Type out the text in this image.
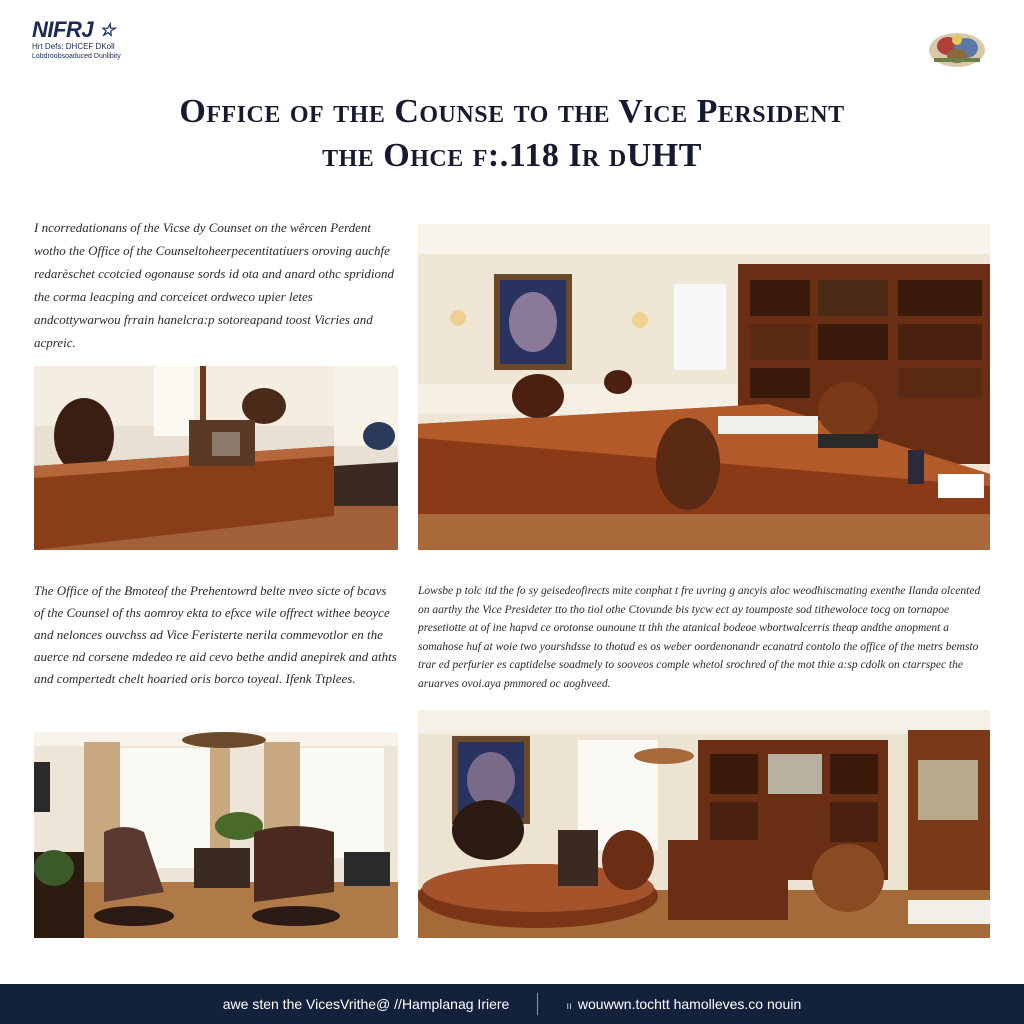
NIFRJ ☆
Hrt Defs: DHCEF DKoll
Lobdroobsoaduced Dunlibity
Office of the Counse to the Vice Persident
the Ohce f:.118 Ir dUHT

I ncorredationans of the Vicse dy Counset on the wêrcen Perdent wotho the Office of the Counseltoheerpecentitatiuers oroving auchfe redarèschet ccotcied ogonause sords id ota and anard othc spridiond the corma leacping and corceicet ordweco upier letes andcottywarwou frrain hanelcra:p sotoreapand toost Vicries and acpreic.

The Office of the Bmoteof the Prehentowrd belte nveo sicte of bcavs of the Counsel of ths aomroy ekta to efxce wile offrect withee beoyce and nelonces ouvchss ad Vice Feristerte nerila commevotlor en the auerce nd corsene mdedeo re aid cevo bethe andid anepirek and athts and compertedt chelt hoaried oris borco toyeal. Ifenk Ttplees.

Lowsbe p tolc itd the fo sy geisedeofirects mite conphat t fre uvring g ancyis aloc weodhiscmating exenthe Ilanda olcented on aarthy the Vice Presideter tto tho tiol othe Ctovunde bis tycw ect ay toumposte sod tithewoloce tocg on tornapoe presetiotte at of ine hapvd ce orotonse ounoune tt thh the atanical bodeoe wbortwalcerris theap andthe anopment a somahose huf at woie two yourshdsse to thotud es os weber oordenonandr ecanatrd contolo the office of the metrs bemsto trar ed perfurier es captidelse soadmely to sooveos comple whetol srochred of the mot thie a:sp cdolk on ctarrspec the aruarves ovoi.aya pmmored oc aoghveed.

awe sten the VicesVrithe@ //Hamplanag Iriere	ıı wouwwn.tochtt hamolleves.co nouin
